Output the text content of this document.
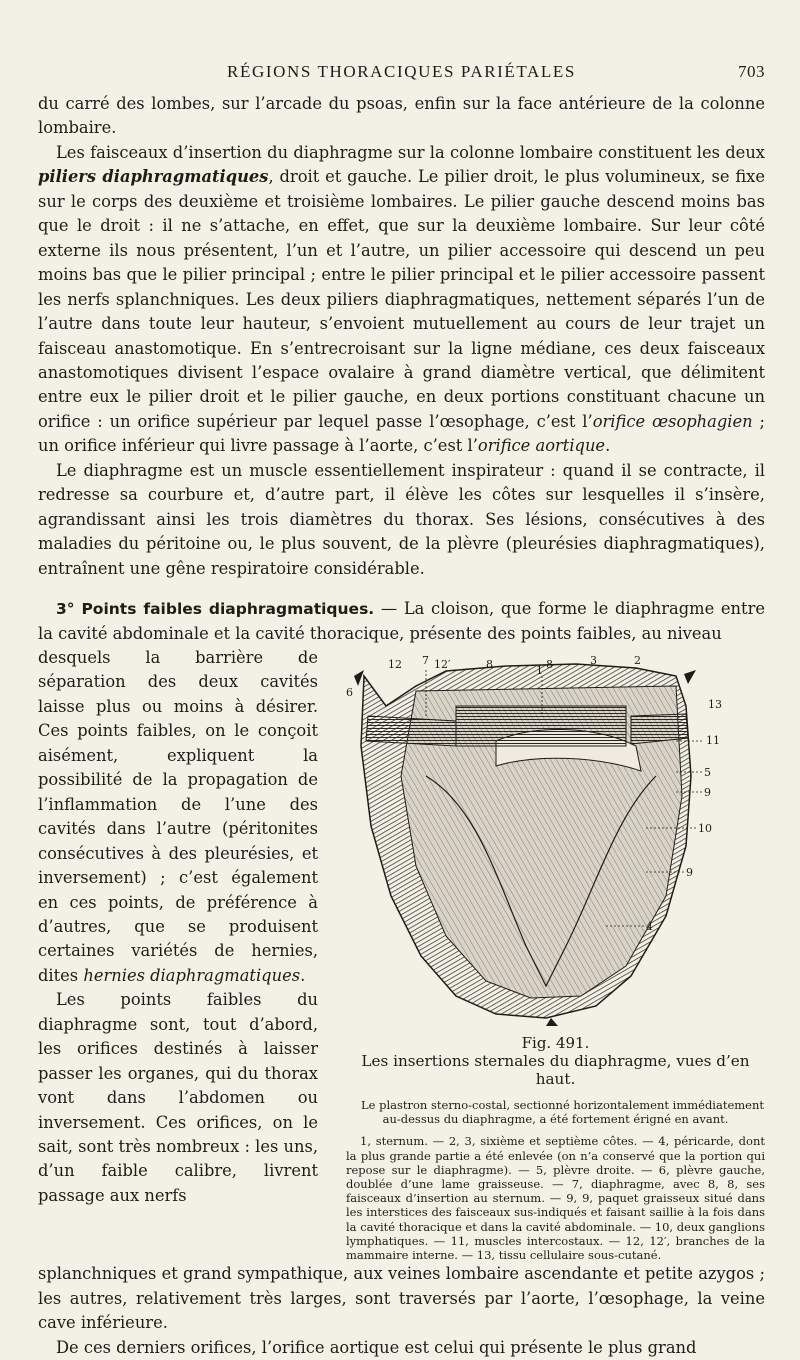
RÉGIONS THORACIQUES PARIÉTALES	703

du carré des lombes, sur l’arcade du psoas, enfin sur la face antérieure de la colonne lombaire.

Les faisceaux d’insertion du diaphragme sur la colonne lombaire constituent les deux piliers diaphragmatiques, droit et gauche. Le pilier droit, le plus volumineux, se fixe sur le corps des deuxième et troisième lombaires. Le pilier gauche descend moins bas que le droit : il ne s’attache, en effet, que sur la deuxième lombaire. Sur leur côté externe ils nous présentent, l’un et l’autre, un pilier accessoire qui descend un peu moins bas que le pilier principal ; entre le pilier principal et le pilier accessoire passent les nerfs splanchniques. Les deux piliers diaphragmatiques, nettement séparés l’un de l’autre dans toute leur hauteur, s’envoient mutuellement au cours de leur trajet un faisceau anastomotique. En s’entrecroisant sur la ligne médiane, ces deux faisceaux anastomotiques divisent l’espace ovalaire à grand diamètre vertical, que délimitent entre eux le pilier droit et le pilier gauche, en deux portions constituant chacune un orifice : un orifice supérieur par lequel passe l’œsophage, c’est l’orifice œsophagien ; un orifice inférieur qui livre passage à l’aorte, c’est l’orifice aortique.

Le diaphragme est un muscle essentiellement inspirateur : quand il se contracte, il redresse sa courbure et, d’autre part, il élève les côtes sur lesquelles il s’insère, agrandissant ainsi les trois diamètres du thorax. Ses lésions, consécutives à des maladies du péritoine ou, le plus souvent, de la plèvre (pleurésies diaphragmatiques), entraînent une gêne respiratoire considérable.

3° Points faibles diaphragmatiques. — La cloison, que forme le diaphragme entre la cavité abdominale et la cavité thoracique, présente des points faibles, au niveau

desquels la barrière de séparation des deux cavités laisse plus ou moins à désirer. Ces points faibles, on le conçoit aisément, expliquent la possibilité de la propagation de l’inflammation de l’une des cavités dans l’autre (péritonites consécutives à des pleurésies, et inversement) ; c’est également en ces points, de préférence à d’autres, que se produisent certaines variétés de hernies, dites hernies diaphragmatiques.

Les points faibles du diaphragme sont, tout d’abord, les orifices destinés à laisser passer les organes, qui du thorax vont dans l’abdomen ou inversement. Ces orifices, on le sait, sont très nombreux : les uns, d’un faible calibre, livrent passage aux nerfs

12 7 12′	8	1 8	3	2
6
13
11
5
9
10
9
4
Fig. 491.
Les insertions sternales du diaphragme, vues d’en haut.
Le plastron sterno-costal, sectionné horizontalement immédiatement au-dessus du diaphragme, a été fortement érigné en avant.
1, sternum. — 2, 3, sixième et septième côtes. — 4, péricarde, dont la plus grande partie a été enlevée (on n’a conservé que la portion qui repose sur le diaphragme). — 5, plèvre droite. — 6, plèvre gauche, doublée d’une lame graisseuse. — 7, diaphragme, avec 8, 8, ses faisceaux d’insertion au sternum. — 9, 9, paquet graisseux situé dans les interstices des faisceaux sus-indiqués et faisant saillie à la fois dans la cavité thoracique et dans la cavité abdominale. — 10, deux ganglions lymphatiques. — 11, muscles intercostaux. — 12, 12′, branches de la mammaire interne. — 13, tissu cellulaire sous-cutané.

splanchniques et grand sympathique, aux veines lombaire ascendante et petite azygos ; les autres, relativement très larges, sont traversés par l’aorte, l’œsophage, la veine cave inférieure.

De ces derniers orifices, l’orifice aortique est celui qui présente le plus grand
